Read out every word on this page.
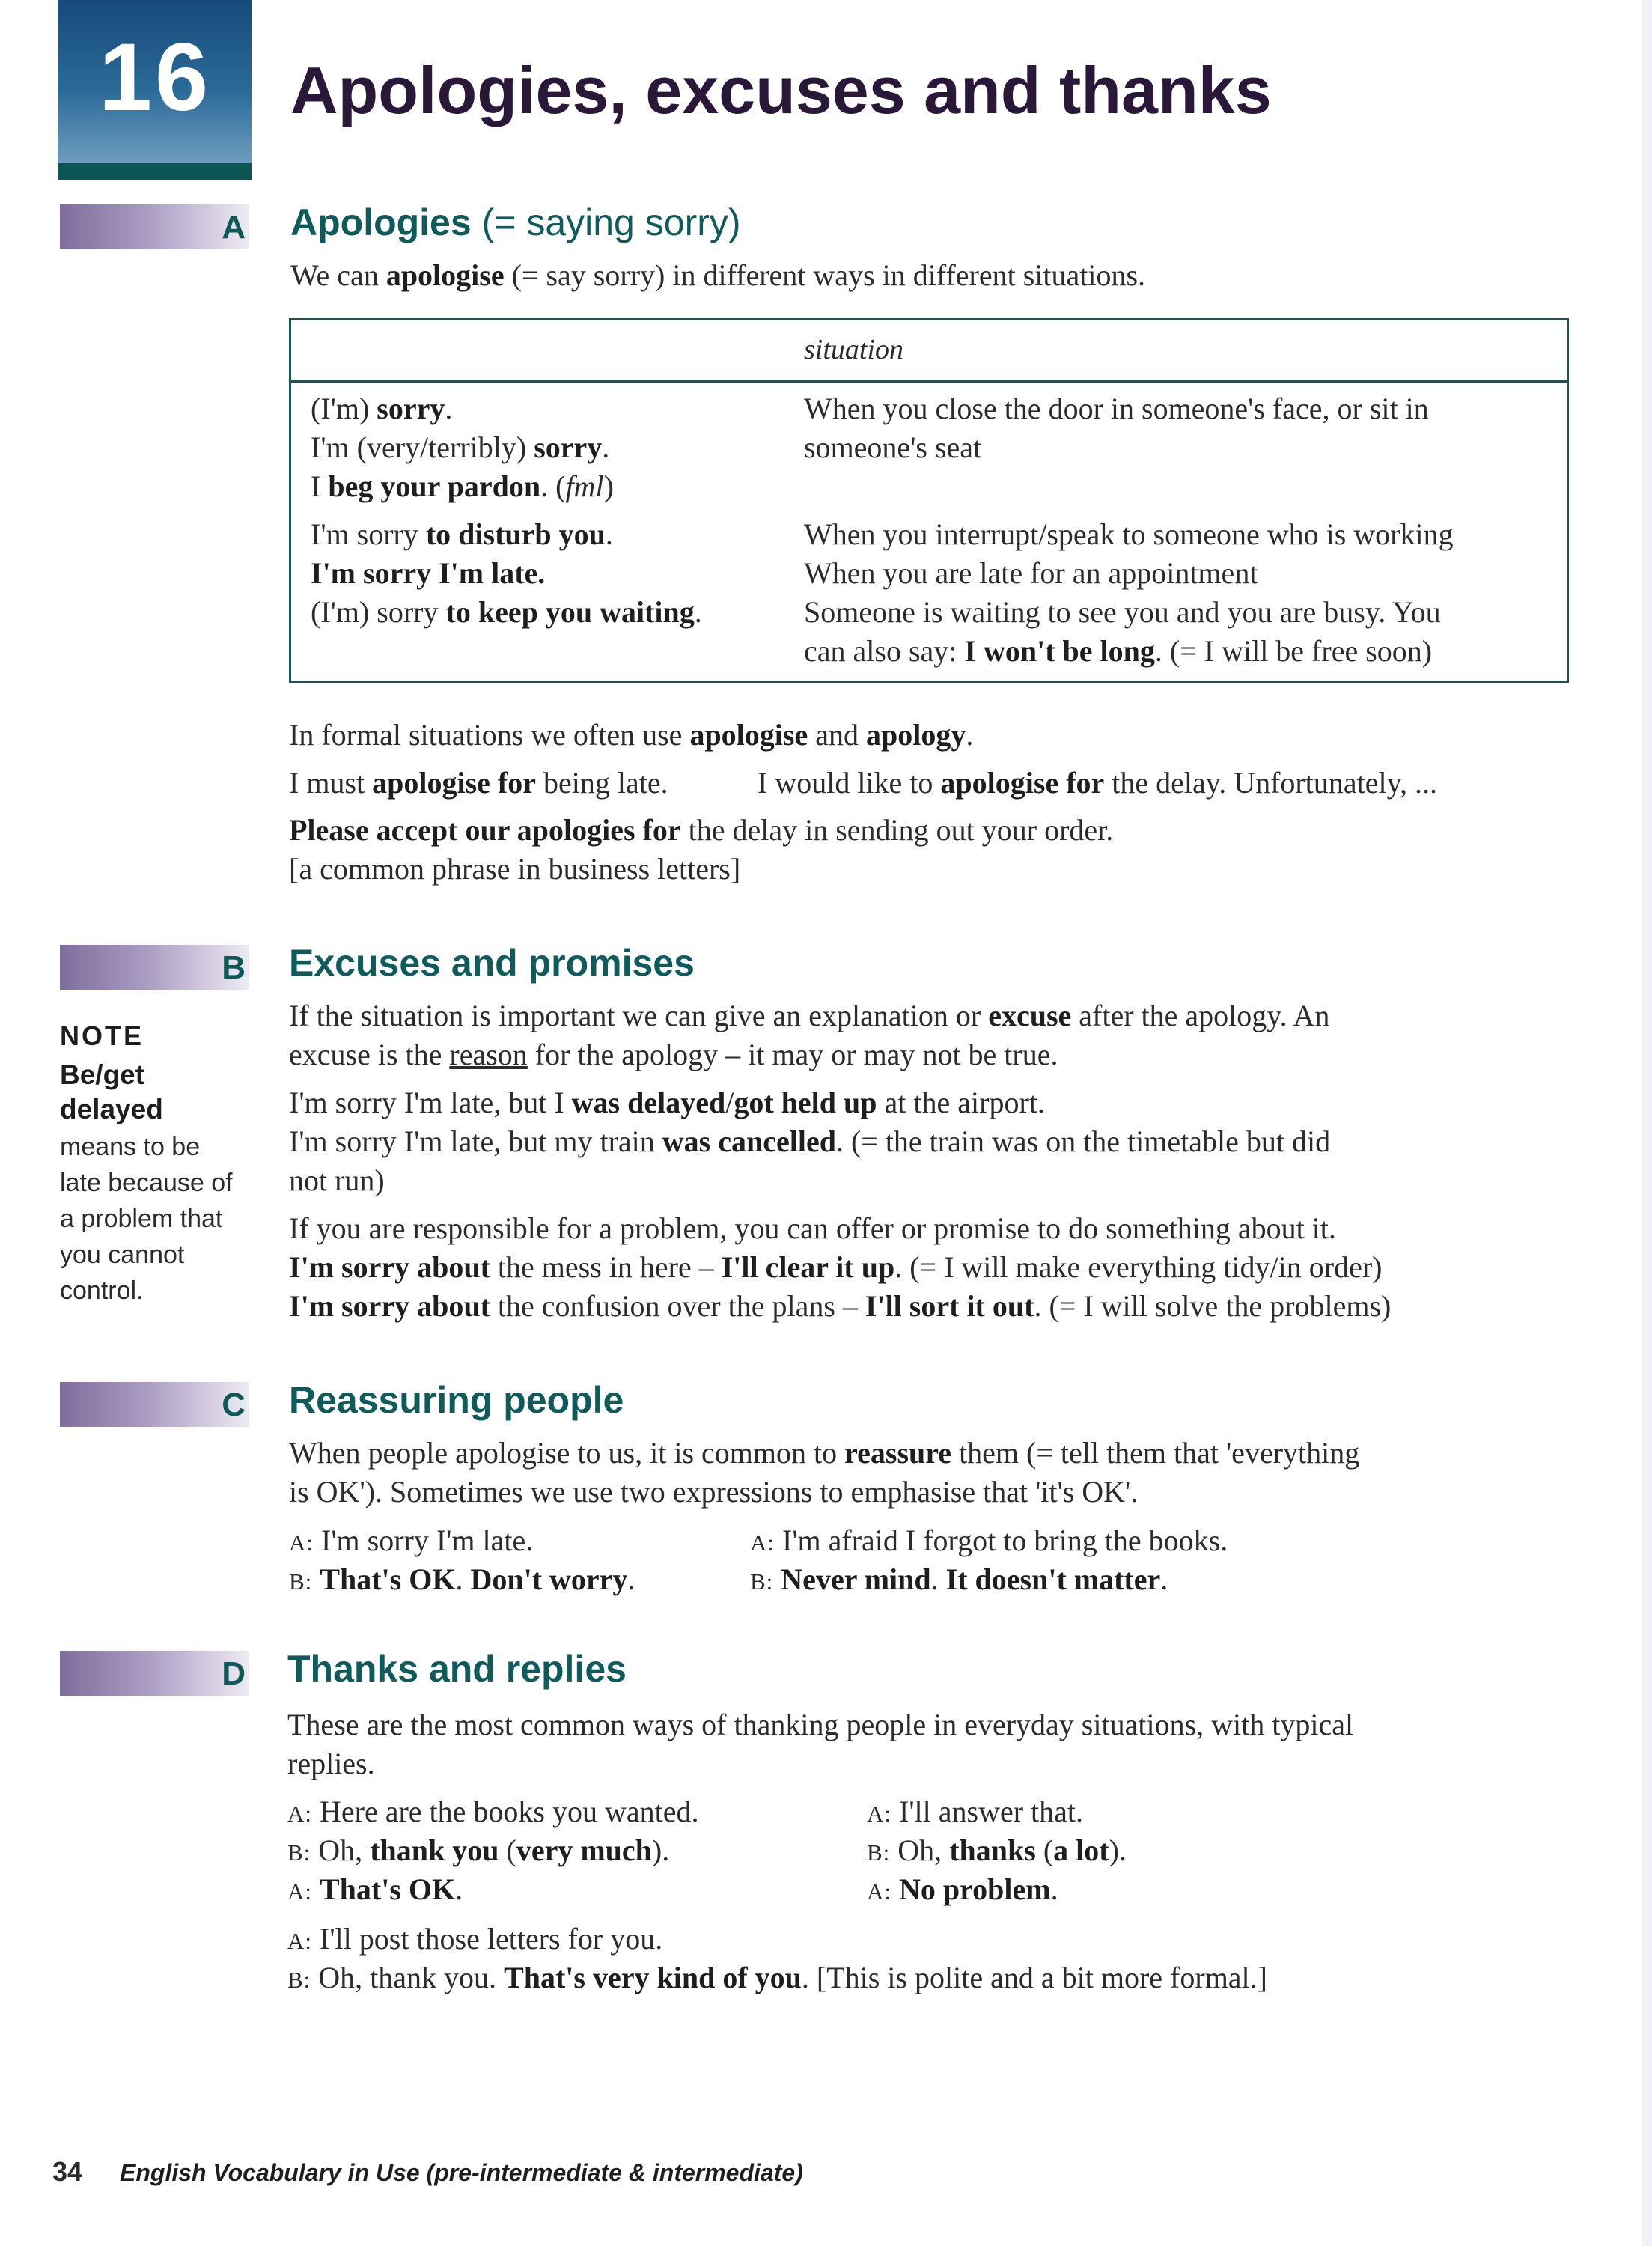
16	Apologies, excuses and thanks
A Apologies (= saying sorry)
We can apologise (= say sorry) in different ways in different situations.
situation
(I'm) sorry.
I'm (very/terribly) sorry.
I beg your pardon. (fml)
When you close the door in someone's face, or sit in
someone's seat
I'm sorry to disturb you.
I'm sorry I'm late.
(I'm) sorry to keep you waiting.
When you interrupt/speak to someone who is working
When you are late for an appointment
Someone is waiting to see you and you are busy. You
can also say: I won't be long. (= I will be free soon)
In formal situations we often use apologise and apology.
I must apologise for being late.	I would like to apologise for the delay. Unfortunately, ...
Please accept our apologies for the delay in sending out your order.
[a common phrase in business letters]
B Excuses and promises
NOTE
Be/get
delayed
means to be
late because of
a problem that
you cannot
control.
If the situation is important we can give an explanation or excuse after the apology. An
excuse is the reason for the apology – it may or may not be true.
I'm sorry I'm late, but I was delayed/got held up at the airport.
I'm sorry I'm late, but my train was cancelled. (= the train was on the timetable but did
not run)
If you are responsible for a problem, you can offer or promise to do something about it.
I'm sorry about the mess in here – I'll clear it up. (= I will make everything tidy/in order)
I'm sorry about the confusion over the plans – I'll sort it out. (= I will solve the problems)
C Reassuring people
When people apologise to us, it is common to reassure them (= tell them that 'everything
is OK'). Sometimes we use two expressions to emphasise that 'it's OK'.
A: I'm sorry I'm late.
B: That's OK. Don't worry.
A: I'm afraid I forgot to bring the books.
B: Never mind. It doesn't matter.
D Thanks and replies
These are the most common ways of thanking people in everyday situations, with typical
replies.
A: Here are the books you wanted.
B: Oh, thank you (very much).
A: That's OK.
A: I'll answer that.
B: Oh, thanks (a lot).
A: No problem.
A: I'll post those letters for you.
B: Oh, thank you. That's very kind of you. [This is polite and a bit more formal.]
34 English Vocabulary in Use (pre-intermediate & intermediate)
